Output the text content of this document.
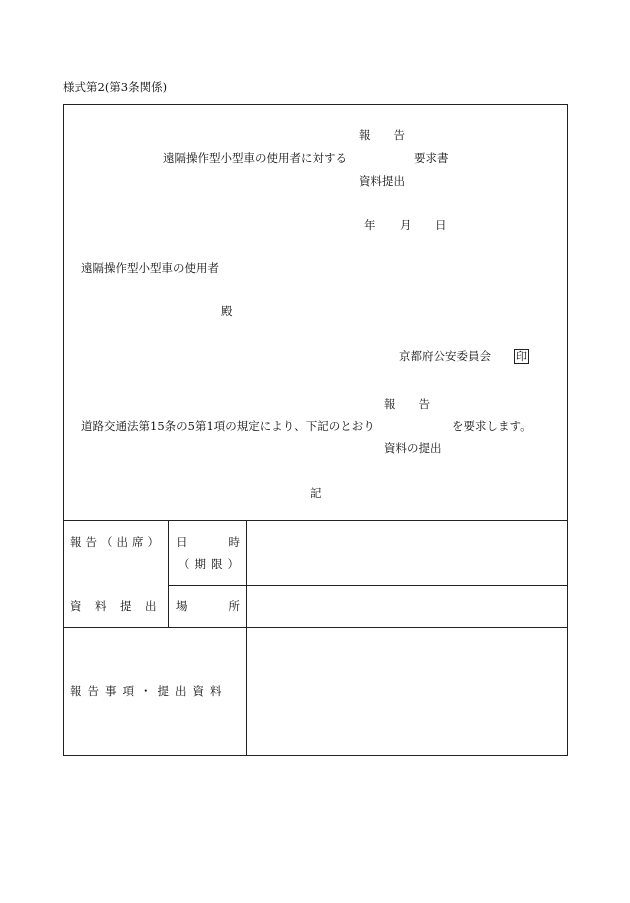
様式第2(第3条関係)
報　　告
遠隔操作型小型車の使用者に対する	要求書
資料提出
年 月 日
遠隔操作型小型車の使用者
殿
京都府公安委員会 印
報　　告
道路交通法第15条の5第1項の規定により、下記のとおり	を要求します。
資料の提出
記
報告（出席）
資　料　提　出
日　　時
（期限）
場　　所
報告事項・提出資料
